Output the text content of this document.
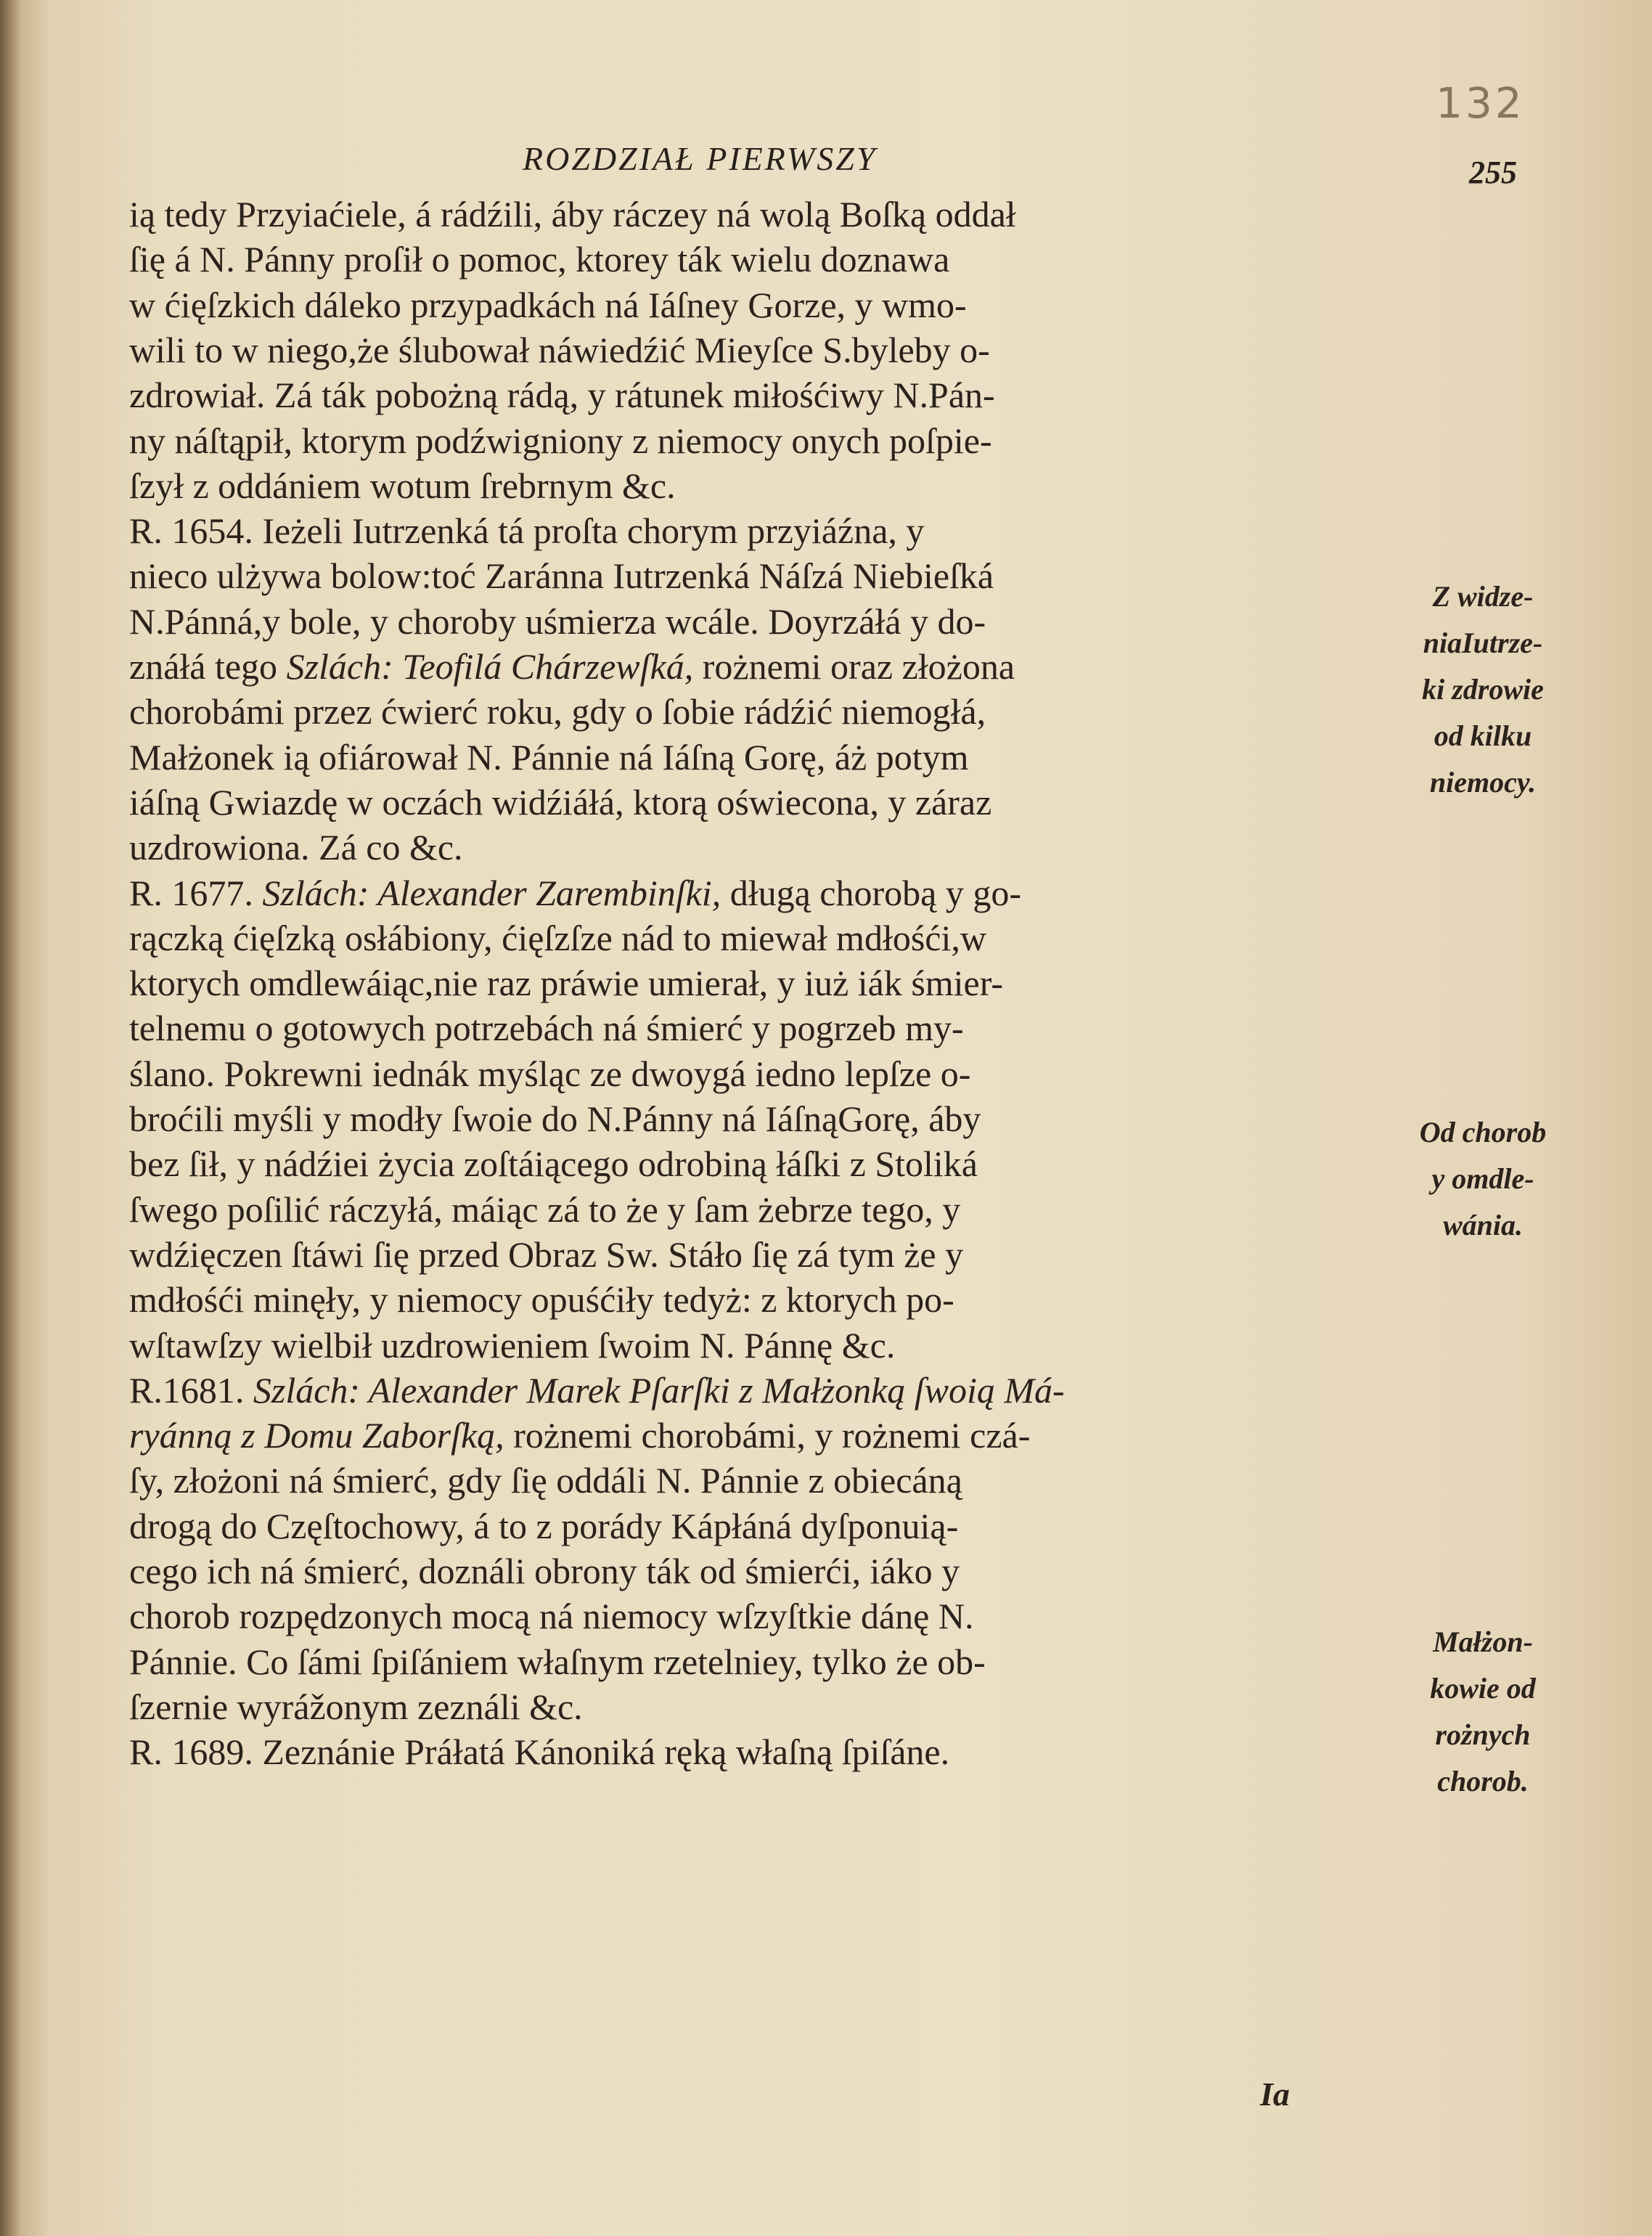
132

ROZDZIAŁ PIERWSZY	255

ią tedy Przyiaćiele, á rádźili, áby ráczey ná wolą Boſką oddał

ſię á N. Pánny proſił o pomoc, ktorey ták wielu doznawa

w ćięſzkich dáleko przypadkách ná Iáſney Gorze, y wmo-

wili to w niego,że ślubował náwiedźić Mieyſce S.byleby o-

zdrowiał. Zá ták pobożną rádą, y rátunek miłośćiwy N.Pán-

ny náſtąpił, ktorym podźwigniony z niemocy onych poſpie-

ſzył z oddániem wotum ſrebrnym &c.

R. 1654. Ieżeli Iutrzenká tá proſta chorym przyiáźna, y

nieco ulżywa bolow:toć Zaránna Iutrzenká Náſzá Niebieſká

N.Pánná,y bole, y choroby uśmierza wcále. Doyrzáłá y do-

znáłá tego Szlách: Teofilá Chárzewſká, rożnemi oraz złożona

chorobámi przez ćwierć roku, gdy o ſobie rádźić niemogłá,

Małżonek ią ofiárował N. Pánnie ná Iáſną Gorę, áż potym

iáſną Gwiazdę w oczách widźiáłá, ktorą oświecona, y záraz

uzdrowiona. Zá co &c.

R. 1677. Szlách: Alexander Zarembinſki, długą chorobą y go-

rączką ćięſzką osłábiony, ćięſzſze nád to miewał mdłośći,w

ktorych omdlewáiąc,nie raz práwie umierał, y iuż iák śmier-

telnemu o gotowych potrzebách ná śmierć y pogrzeb my-

ślano. Pokrewni iednák myśląc ze dwoygá iedno lepſze o-

broćili myśli y modły ſwoie do N.Pánny ná IáſnąGorę, áby

bez ſił, y nádźiei życia zoſtáiącego odrobiną łáſki z Stoliká

ſwego poſilić ráczyłá, máiąc zá to że y ſam żebrze tego, y

wdźięczen ſtáwi ſię przed Obraz Sw. Stáło ſię zá tym że y

mdłośći minęły, y niemocy opuśćiły tedyż: z ktorych po-

wſtawſzy wielbił uzdrowieniem ſwoim N. Pánnę &c.

R.1681. Szlách: Alexander Marek Pſarſki z Małżonką ſwoią Má-

ryánną z Domu Zaborſką, rożnemi chorobámi, y rożnemi czá-

ſy, złożoni ná śmierć, gdy ſię oddáli N. Pánnie z obiecáną

drogą do Częſtochowy, á to z porády Kápłáná dyſponuią-

cego ich ná śmierć, doználi obrony ták od śmierći, iáko y

chorob rozpędzonych mocą ná niemocy wſzyſtkie dánę N.

Pánnie. Co ſámi ſpiſániem właſnym rzetelniey, tylko że ob-

ſzernie wyrážonym zeználi &c.

R. 1689. Zeznánie Práłatá Kánoniká ręką właſną ſpiſáne.

Z widze-
niaIutrze-
ki zdrowie
od kilku
niemocy.
Od chorob
y omdle-
wánia.
Małżon-
kowie od
rożnych
chorob.

Ia
